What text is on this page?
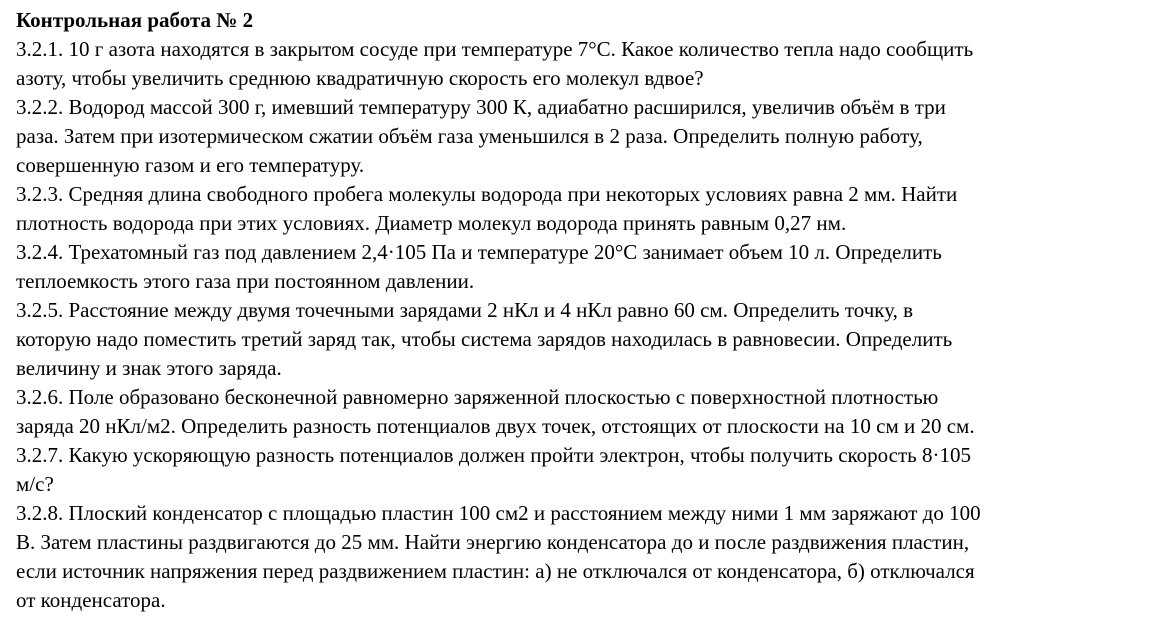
Контрольная работа № 2
3.2.1. 10 г азота находятся в закрытом сосуде при температуре 7°C. Какое количество тепла надо сообщить
азоту, чтобы увеличить среднюю квадратичную скорость его молекул вдвое?
3.2.2. Водород массой 300 г, имевший температуру 300 К, адиабатно расширился, увеличив объём в три
раза. Затем при изотермическом сжатии объём газа уменьшился в 2 раза. Определить полную работу,
совершенную газом и его температуру.
3.2.3. Средняя длина свободного пробега молекулы водорода при некоторых условиях равна 2 мм. Найти
плотность водорода при этих условиях. Диаметр молекул водорода принять равным 0,27 нм.
3.2.4. Трехатомный газ под давлением 2,4·105 Па и температуре 20°С занимает объем 10 л. Определить
теплоемкость этого газа при постоянном давлении.
3.2.5. Расстояние между двумя точечными зарядами 2 нКл и 4 нКл равно 60 см. Определить точку, в
которую надо поместить третий заряд так, чтобы система зарядов находилась в равновесии. Определить
величину и знак этого заряда.
3.2.6. Поле образовано бесконечной равномерно заряженной плоскостью с поверхностной плотностью
заряда 20 нКл/м2. Определить разность потенциалов двух точек, отстоящих от плоскости на 10 см и 20 см.
3.2.7. Какую ускоряющую разность потенциалов должен пройти электрон, чтобы получить скорость 8·105
м/с?
3.2.8. Плоский конденсатор с площадью пластин 100 см2 и расстоянием между ними 1 мм заряжают до 100
В. Затем пластины раздвигаются до 25 мм. Найти энергию конденсатора до и после раздвижения пластин,
если источник напряжения перед раздвижением пластин: а) не отключался от конденсатора, б) отключался
от конденсатора.
